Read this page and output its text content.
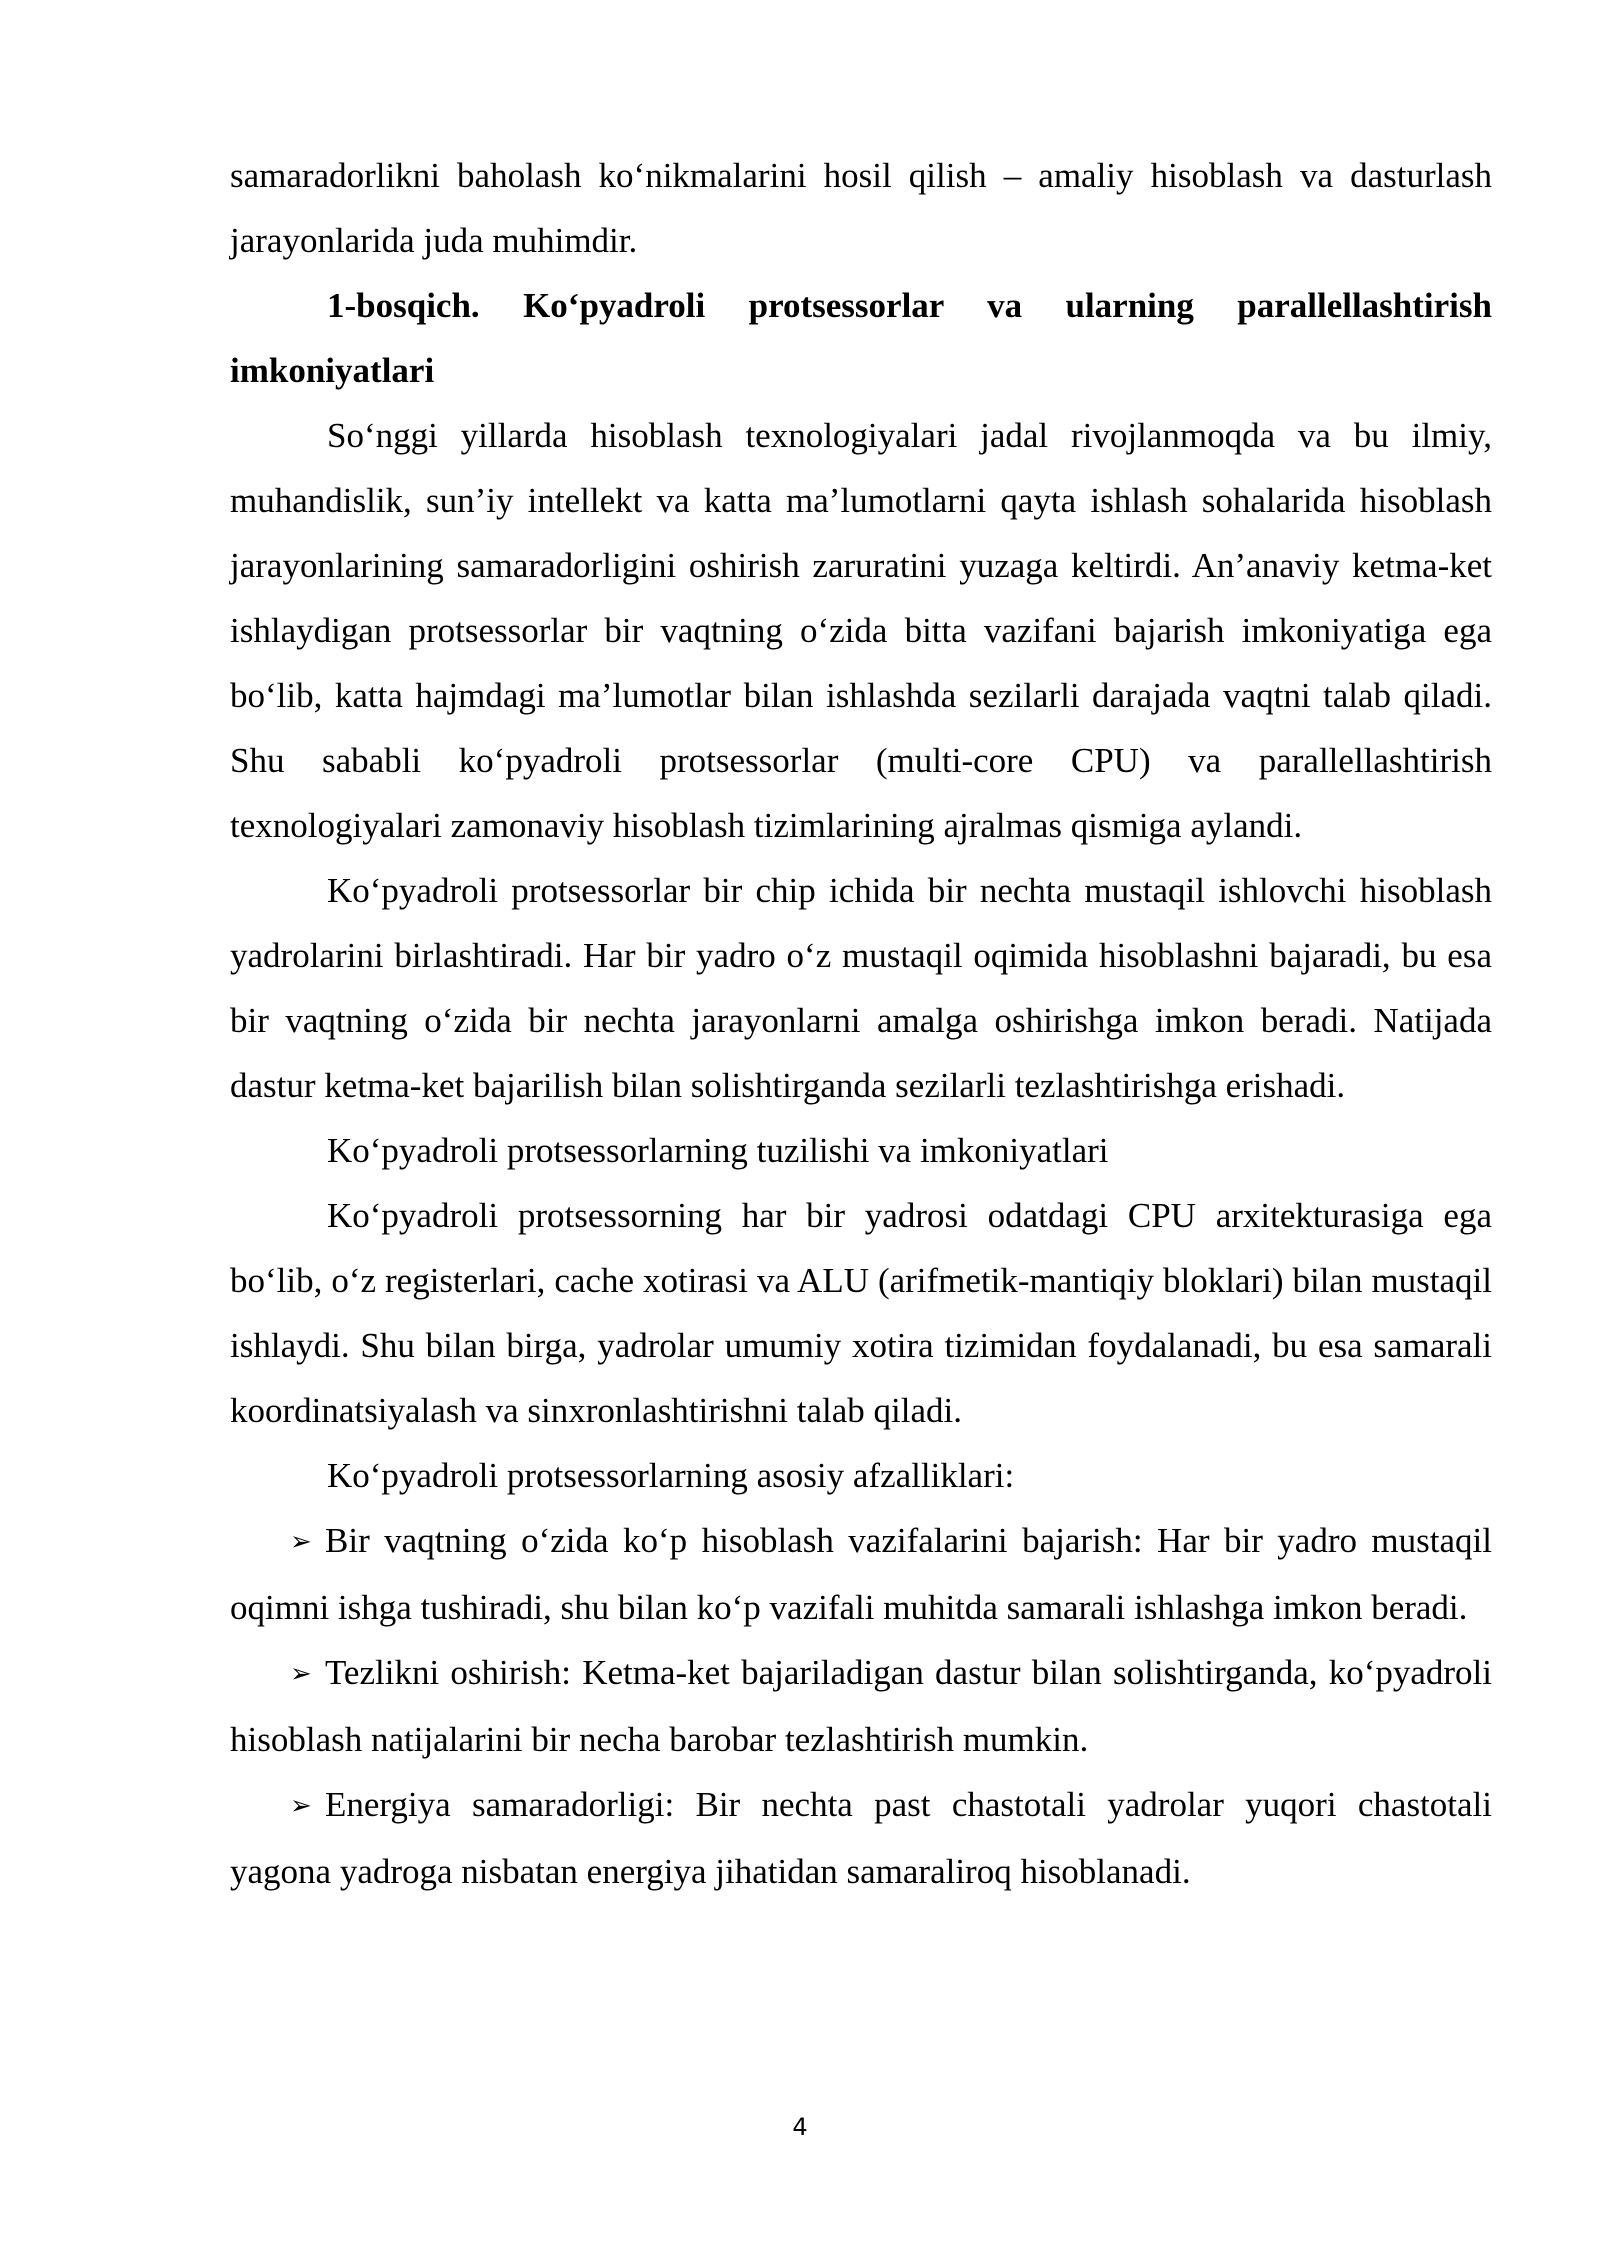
samaradorlikni baholash ko‘nikmalarini hosil qilish – amaliy hisoblash va dasturlash jarayonlarida juda muhimdir.

1-bosqich. Ko‘pyadroli protsessorlar va ularning parallellashtirish imkoniyatlari

So‘nggi yillarda hisoblash texnologiyalari jadal rivojlanmoqda va bu ilmiy, muhandislik, sun’iy intellekt va katta ma’lumotlarni qayta ishlash sohalarida hisoblash jarayonlarining samaradorligini oshirish zaruratini yuzaga keltirdi. An’anaviy ketma-ket ishlaydigan protsessorlar bir vaqtning o‘zida bitta vazifani bajarish imkoniyatiga ega bo‘lib, katta hajmdagi ma’lumotlar bilan ishlashda sezilarli darajada vaqtni talab qiladi. Shu sababli ko‘pyadroli protsessorlar (multi-core CPU) va parallellashtirish texnologiyalari zamonaviy hisoblash tizimlarining ajralmas qismiga aylandi.

Ko‘pyadroli protsessorlar bir chip ichida bir nechta mustaqil ishlovchi hisoblash yadrolarini birlashtiradi. Har bir yadro o‘z mustaqil oqimida hisoblashni bajaradi, bu esa bir vaqtning o‘zida bir nechta jarayonlarni amalga oshirishga imkon beradi. Natijada dastur ketma-ket bajarilish bilan solishtirganda sezilarli tezlashtirishga erishadi.

Ko‘pyadroli protsessorlarning tuzilishi va imkoniyatlari

Ko‘pyadroli protsessorning har bir yadrosi odatdagi CPU arxitekturasiga ega bo‘lib, o‘z registerlari, cache xotirasi va ALU (arifmetik-mantiqiy bloklari) bilan mustaqil ishlaydi. Shu bilan birga, yadrolar umumiy xotira tizimidan foydalanadi, bu esa samarali koordinatsiyalash va sinxronlashtirishni talab qiladi.

Ko‘pyadroli protsessorlarning asosiy afzalliklari:

➢ Bir vaqtning o‘zida ko‘p hisoblash vazifalarini bajarish: Har bir yadro mustaqil oqimni ishga tushiradi, shu bilan ko‘p vazifali muhitda samarali ishlashga imkon beradi.

➢ Tezlikni oshirish: Ketma-ket bajariladigan dastur bilan solishtirganda, ko‘pyadroli hisoblash natijalarini bir necha barobar tezlashtirish mumkin.

➢ Energiya samaradorligi: Bir nechta past chastotali yadrolar yuqori chastotali yagona yadroga nisbatan energiya jihatidan samaraliroq hisoblanadi.

4
